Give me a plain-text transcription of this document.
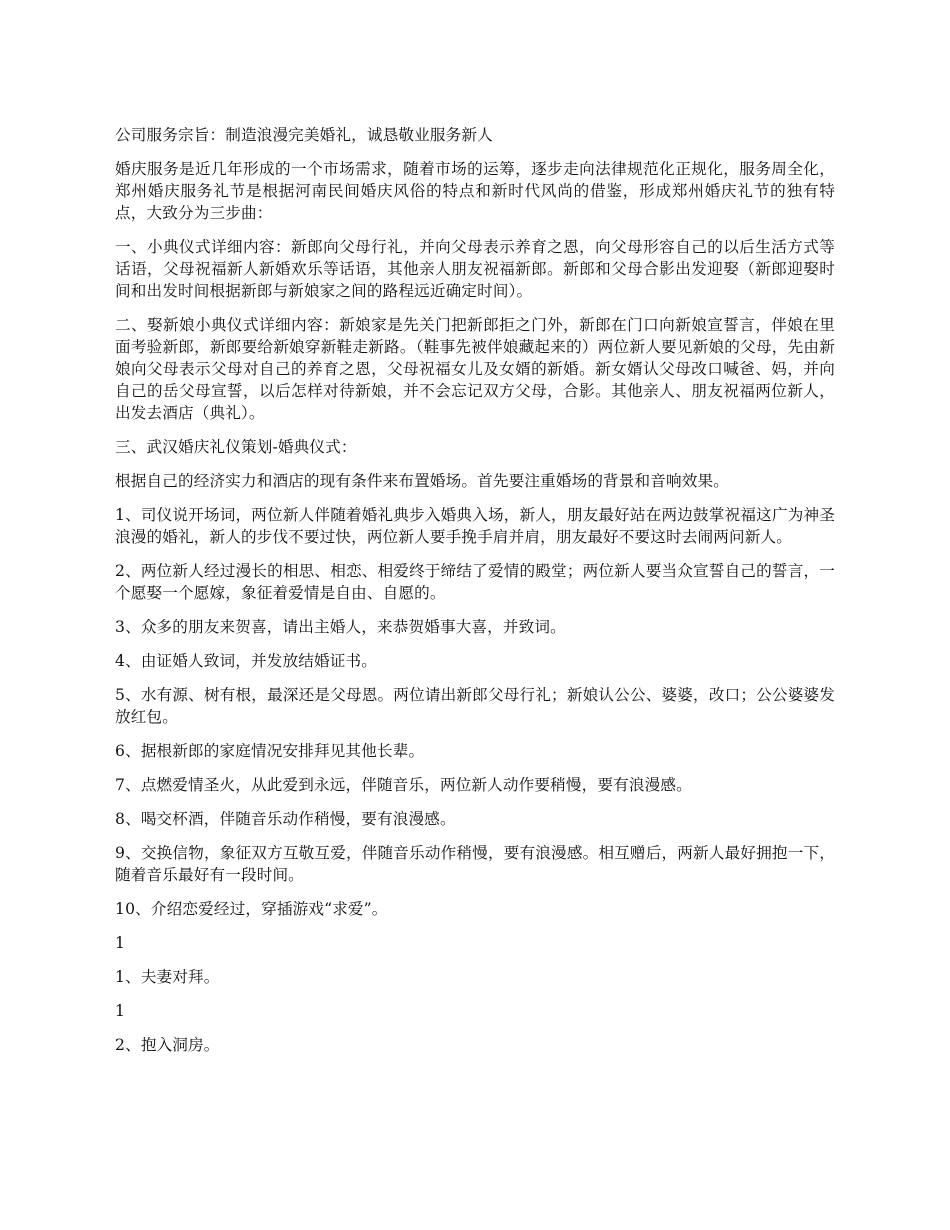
公司服务宗旨：制造浪漫完美婚礼，诚恳敬业服务新人

婚庆服务是近几年形成的一个市场需求，随着市场的运筹，逐步走向法律规范化正规化，服务周全化，郑州婚庆服务礼节是根据河南民间婚庆风俗的特点和新时代风尚的借鉴，形成郑州婚庆礼节的独有特点，大致分为三步曲：

一、小典仪式详细内容：新郎向父母行礼，并向父母表示养育之恩，向父母形容自己的以后生活方式等话语，父母祝福新人新婚欢乐等话语，其他亲人朋友祝福新郎。新郎和父母合影出发迎娶（新郎迎娶时间和出发时间根据新郎与新娘家之间的路程远近确定时间）。

二、娶新娘小典仪式详细内容：新娘家是先关门把新郎拒之门外，新郎在门口向新娘宣誓言，伴娘在里面考验新郎，新郎要给新娘穿新鞋走新路。（鞋事先被伴娘藏起来的）两位新人要见新娘的父母，先由新娘向父母表示父母对自己的养育之恩，父母祝福女儿及女婿的新婚。新女婿认父母改口喊爸、妈，并向自己的岳父母宣誓，以后怎样对待新娘，并不会忘记双方父母，合影。其他亲人、朋友祝福两位新人，出发去酒店（典礼）。

三、武汉婚庆礼仪策划-婚典仪式：

根据自己的经济实力和酒店的现有条件来布置婚场。首先要注重婚场的背景和音响效果。

1、司仪说开场词，两位新人伴随着婚礼典步入婚典入场，新人，朋友最好站在两边鼓掌祝福这广为神圣浪漫的婚礼，新人的步伐不要过快，两位新人要手挽手肩并肩，朋友最好不要这时去闹两问新人。

2、两位新人经过漫长的相思、相恋、相爱终于缔结了爱情的殿堂；两位新人要当众宣誓自己的誓言，一个愿娶一个愿嫁，象征着爱情是自由、自愿的。

3、众多的朋友来贺喜，请出主婚人，来恭贺婚事大喜，并致词。

4、由证婚人致词，并发放结婚证书。

5、水有源、树有根，最深还是父母恩。两位请出新郎父母行礼；新娘认公公、婆婆，改口；公公婆婆发放红包。

6、据根新郎的家庭情况安排拜见其他长辈。

7、点燃爱情圣火，从此爱到永远，伴随音乐，两位新人动作要稍慢，要有浪漫感。

8、喝交杯酒，伴随音乐动作稍慢，要有浪漫感。

9、交换信物，象征双方互敬互爱，伴随音乐动作稍慢，要有浪漫感。相互赠后，两新人最好拥抱一下，随着音乐最好有一段时间。

10、介绍恋爱经过，穿插游戏“求爱”。

1

1、夫妻对拜。

1

2、抱入洞房。
